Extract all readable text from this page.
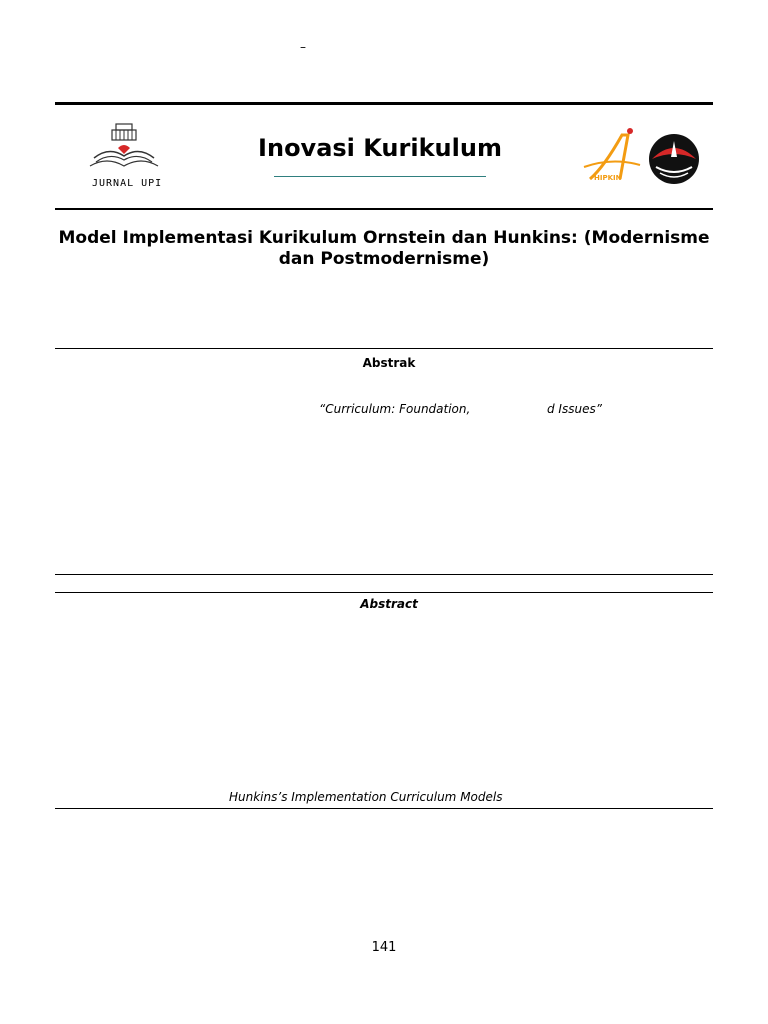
–
JURNAL UPI
Inovasi Kurikulum
HIPKIN
Model Implementasi Kurikulum Ornstein dan Hunkins: (Modernisme dan Postmodernisme)
Abstrak
“Curriculum: Foundation,	d Issues”
Abstract
Hunkins’s Implementation Curriculum Models
141
